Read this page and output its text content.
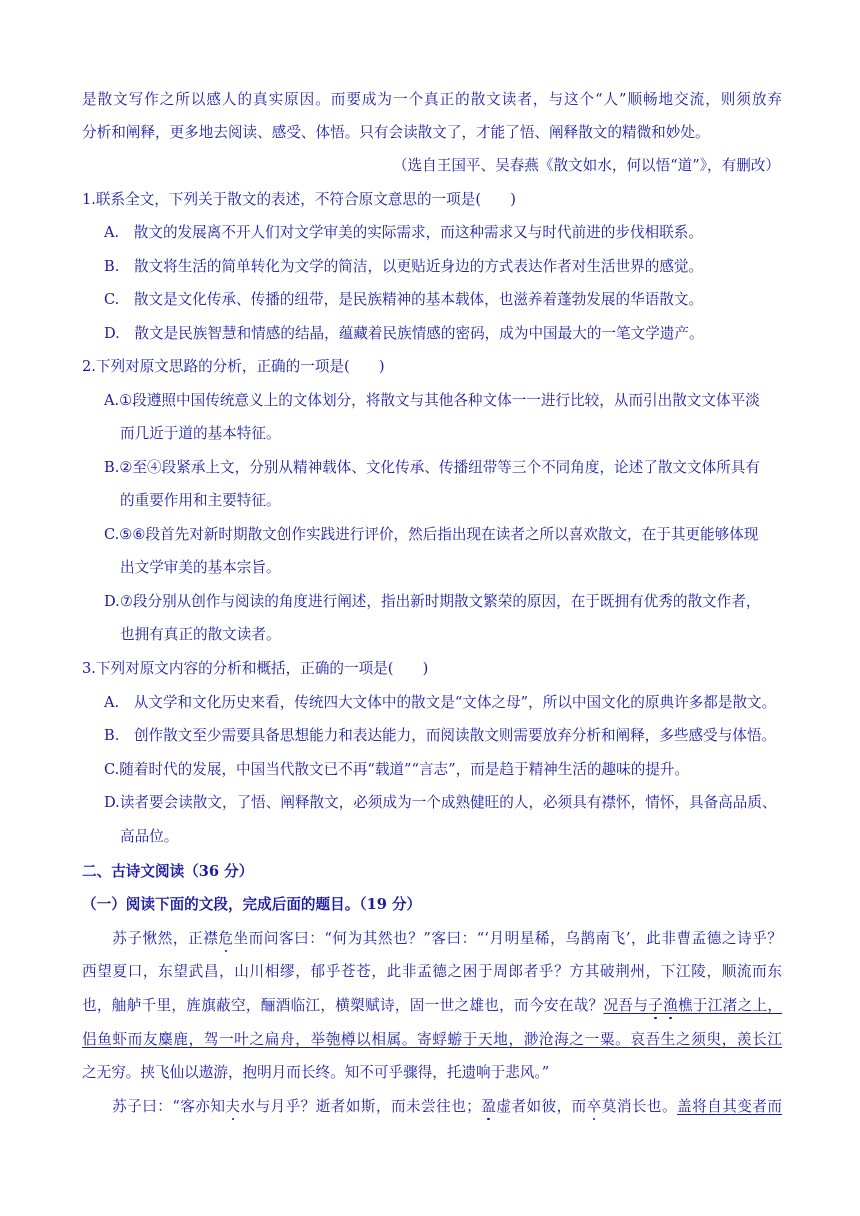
是散文写作之所以感人的真实原因。而要成为一个真正的散文读者，与这个“人”顺畅地交流，则须放弃
分析和阐释，更多地去阅读、感受、体悟。只有会读散文了，才能了悟、阐释散文的精微和妙处。
（选自王国平、吴春燕《散文如水，何以悟“道”》，有删改）
1.联系全文，下列关于散文的表述，不符合原文意思的一项是(　　)
A.　散文的发展离不开人们对文学审美的实际需求，而这种需求又与时代前进的步伐相联系。
B.　散文将生活的简单转化为文学的简洁，以更贴近身边的方式表达作者对生活世界的感觉。
C.　散文是文化传承、传播的纽带，是民族精神的基本载体，也滋养着蓬勃发展的华语散文。
D.　散文是民族智慧和情感的结晶，蕴藏着民族情感的密码，成为中国最大的一笔文学遗产。
2.下列对原文思路的分析，正确的一项是(　　)
A.①段遵照中国传统意义上的文体划分，将散文与其他各种文体一一进行比较，从而引出散文文体平淡
而几近于道的基本特征。
B.②至④段紧承上文，分别从精神载体、文化传承、传播纽带等三个不同角度，论述了散文文体所具有
的重要作用和主要特征。
C.⑤⑥段首先对新时期散文创作实践进行评价，然后指出现在读者之所以喜欢散文，在于其更能够体现
出文学审美的基本宗旨。
D.⑦段分别从创作与阅读的角度进行阐述，指出新时期散文繁荣的原因，在于既拥有优秀的散文作者，
也拥有真正的散文读者。
3.下列对原文内容的分析和概括，正确的一项是(　　)
A.　从文学和文化历史来看，传统四大文体中的散文是“文体之母”，所以中国文化的原典许多都是散文。
B.　创作散文至少需要具备思想能力和表达能力，而阅读散文则需要放弃分析和阐释，多些感受与体悟。
C.随着时代的发展，中国当代散文已不再“载道”“言志”，而是趋于精神生活的趣味的提升。
D.读者要会读散文，了悟、阐释散文，必须成为一个成熟健旺的人，必须具有襟怀，情怀，具备高品质、
高品位。
二、古诗文阅读（36 分）
（一）阅读下面的文段，完成后面的题目。（19 分）
　　苏子愀然，正襟危坐而问客曰：“何为其然也？”客曰：“‘月明星稀，乌鹊南飞’，此非曹孟德之诗乎？
西望夏口，东望武昌，山川相缪，郁乎苍苍，此非孟德之困于周郎者乎？方其破荆州，下江陵，顺流而东
也，舳舻千里，旌旗蔽空，酾酒临江，横槊赋诗，固一世之雄也，而今安在哉？况吾与子渔樵于江渚之上，
侣鱼虾而友麋鹿，驾一叶之扁舟，举匏樽以相属。寄蜉蝣于天地，渺沧海之一粟。哀吾生之须臾，羡长江
之无穷。挟飞仙以遨游，抱明月而长终。知不可乎骤得，托遗响于悲风。”
　　苏子曰：“客亦知夫水与月乎？逝者如斯，而未尝往也；盈虚者如彼，而卒莫消长也。盖将自其变者而
